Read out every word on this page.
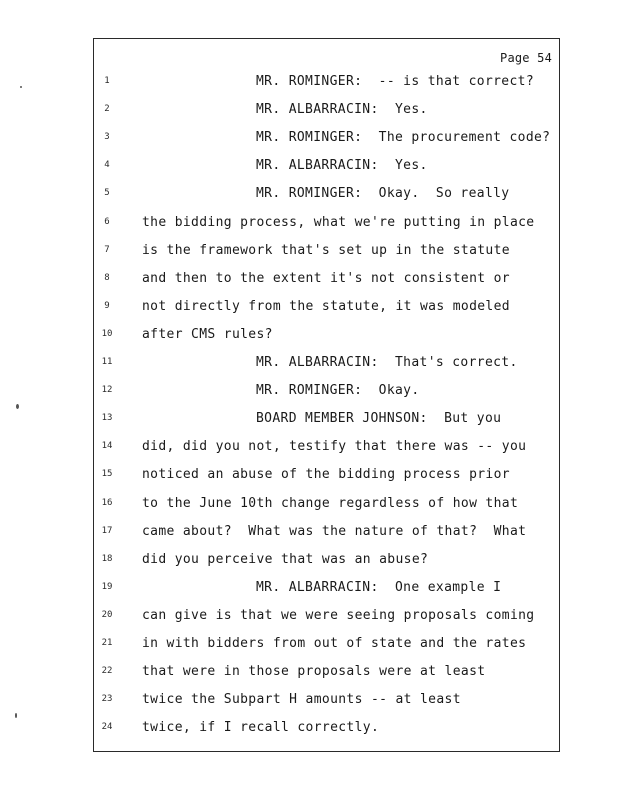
Page 54
1	MR. ROMINGER:  -- is that correct?
2	MR. ALBARRACIN:  Yes.
3	MR. ROMINGER:  The procurement code?
4	MR. ALBARRACIN:  Yes.
5	MR. ROMINGER:  Okay.  So really
6	the bidding process, what we're putting in place
7	is the framework that's set up in the statute
8	and then to the extent it's not consistent or
9	not directly from the statute, it was modeled
10	after CMS rules?
11	MR. ALBARRACIN:  That's correct.
12	MR. ROMINGER:  Okay.
13	BOARD MEMBER JOHNSON:  But you
14	did, did you not, testify that there was -- you
15	noticed an abuse of the bidding process prior
16	to the June 10th change regardless of how that
17	came about?  What was the nature of that?  What
18	did you perceive that was an abuse?
19	MR. ALBARRACIN:  One example I
20	can give is that we were seeing proposals coming
21	in with bidders from out of state and the rates
22	that were in those proposals were at least
23	twice the Subpart H amounts -- at least
24	twice, if I recall correctly.
